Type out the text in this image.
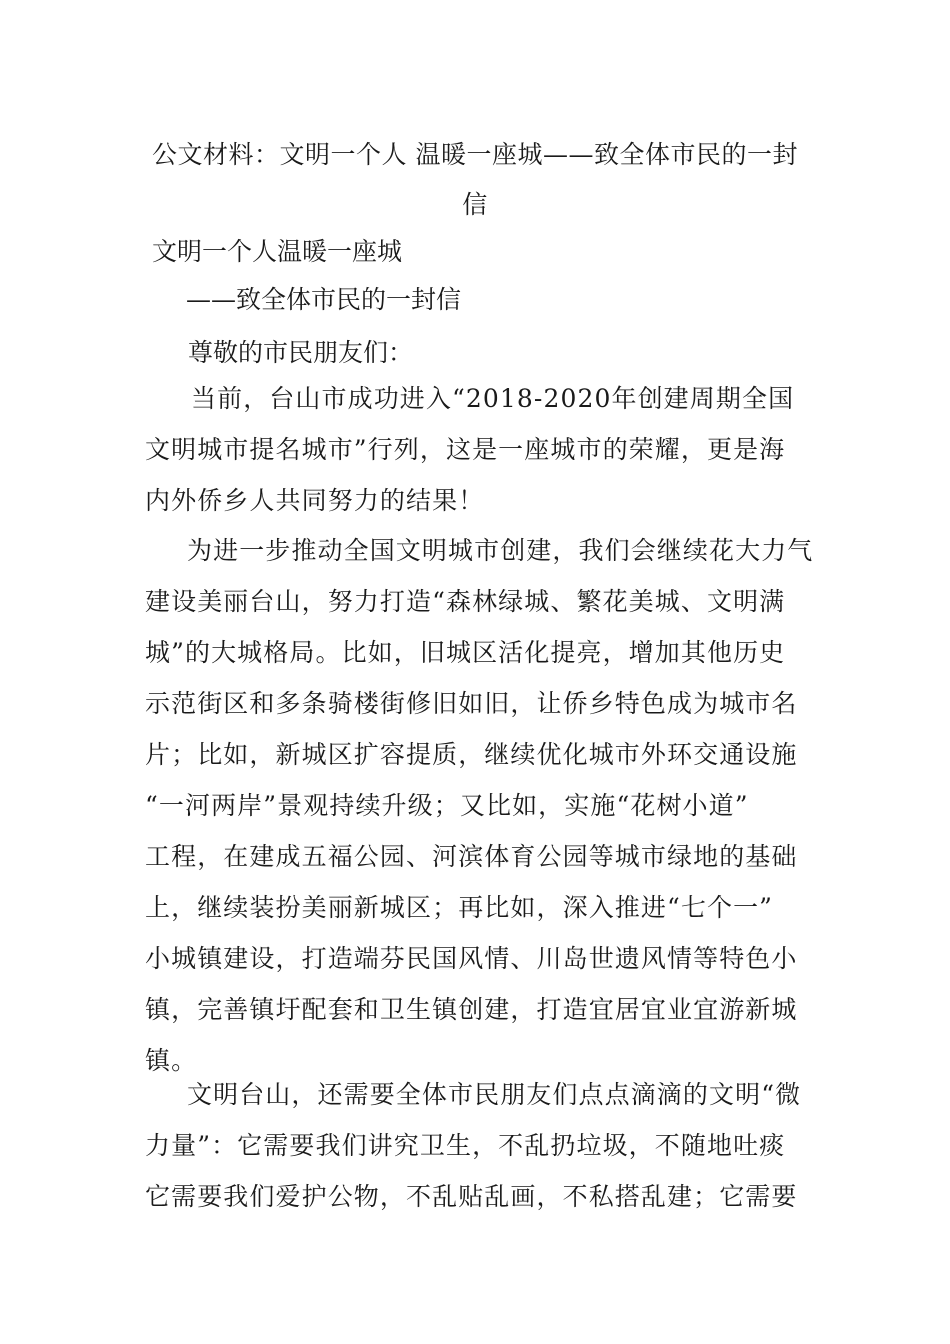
公文材料：文明一个人 温暖一座城——致全体市民的一封信
文明一个人温暖一座城
——致全体市民的一封信
尊敬的市民朋友们：
当前，台山市成功进入“2018-2020年创建周期全国
文明城市提名城市”行列，这是一座城市的荣耀，更是海
内外侨乡人共同努力的结果！
为进一步推动全国文明城市创建，我们会继续花大力气
建设美丽台山，努力打造“森林绿城、繁花美城、文明满
城”的大城格局。比如，旧城区活化提亮，增加其他历史
示范街区和多条骑楼街修旧如旧，让侨乡特色成为城市名
片；比如，新城区扩容提质，继续优化城市外环交通设施
“一河两岸”景观持续升级；又比如，实施“花树小道”
工程，在建成五福公园、河滨体育公园等城市绿地的基础
上，继续装扮美丽新城区；再比如，深入推进“七个一”
小城镇建设，打造端芬民国风情、川岛世遗风情等特色小
镇，完善镇圩配套和卫生镇创建，打造宜居宜业宜游新城
镇。
文明台山，还需要全体市民朋友们点点滴滴的文明“微
力量”：它需要我们讲究卫生，不乱扔垃圾，不随地吐痰
它需要我们爱护公物，不乱贴乱画，不私搭乱建；它需要
